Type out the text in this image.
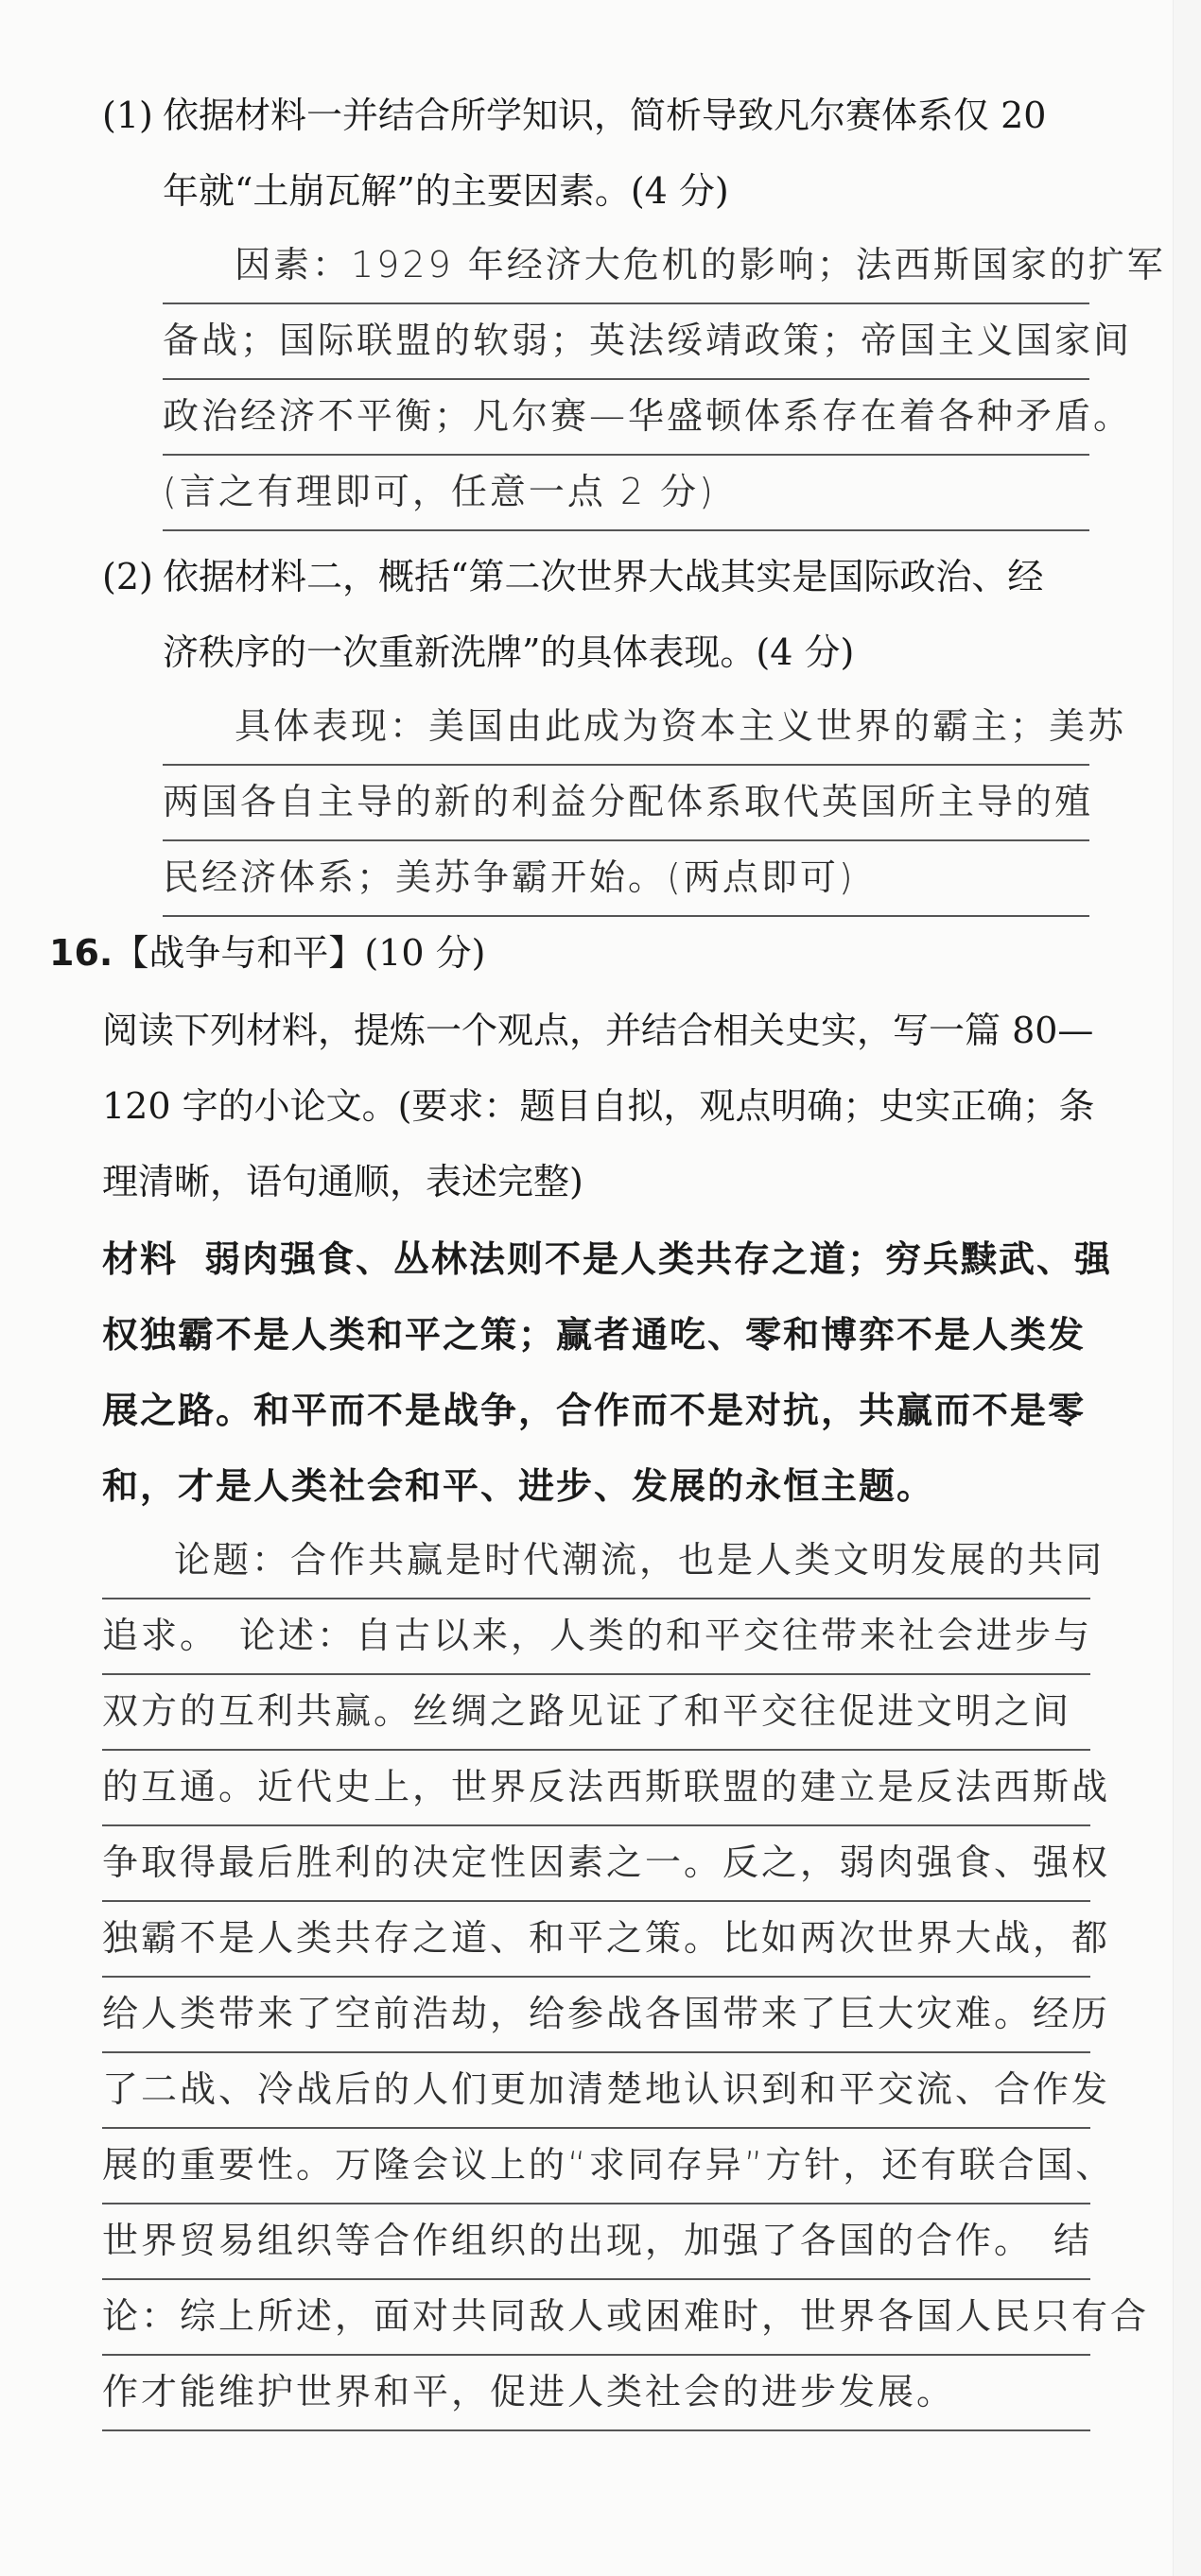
(1) 依据材料一并结合所学知识，简析导致凡尔赛体系仅 20
年就“土崩瓦解”的主要因素。(4 分)
因素：1929 年经济大危机的影响；法西斯国家的扩军
备战；国际联盟的软弱；英法绥靖政策；帝国主义国家间
政治经济不平衡；凡尔赛—华盛顿体系存在着各种矛盾。
(言之有理即可，任意一点 2 分)
(2) 依据材料二，概括“第二次世界大战其实是国际政治、经
济秩序的一次重新洗牌”的具体表现。(4 分)
具体表现：美国由此成为资本主义世界的霸主；美苏
两国各自主导的新的利益分配体系取代英国所主导的殖
民经济体系；美苏争霸开始。(两点即可)
16.【战争与和平】(10 分)
阅读下列材料，提炼一个观点，并结合相关史实，写一篇 80—
120 字的小论文。(要求：题目自拟，观点明确；史实正确；条
理清晰，语句通顺，表述完整)
材料 弱肉强食、丛林法则不是人类共存之道；穷兵黩武、强
权独霸不是人类和平之策；赢者通吃、零和博弈不是人类发
展之路。和平而不是战争，合作而不是对抗，共赢而不是零
和，才是人类社会和平、进步、发展的永恒主题。
论题：合作共赢是时代潮流，也是人类文明发展的共同
追求。　论述：自古以来，人类的和平交往带来社会进步与
双方的互利共赢。丝绸之路见证了和平交往促进文明之间
的互通。近代史上，世界反法西斯联盟的建立是反法西斯战
争取得最后胜利的决定性因素之一。反之，弱肉强食、强权
独霸不是人类共存之道、和平之策。比如两次世界大战，都
给人类带来了空前浩劫，给参战各国带来了巨大灾难。经历
了二战、冷战后的人们更加清楚地认识到和平交流、合作发
展的重要性。万隆会议上的“求同存异”方针，还有联合国、
世界贸易组织等合作组织的出现，加强了各国的合作。　结
论：综上所述，面对共同敌人或困难时，世界各国人民只有合
作才能维护世界和平，促进人类社会的进步发展。
